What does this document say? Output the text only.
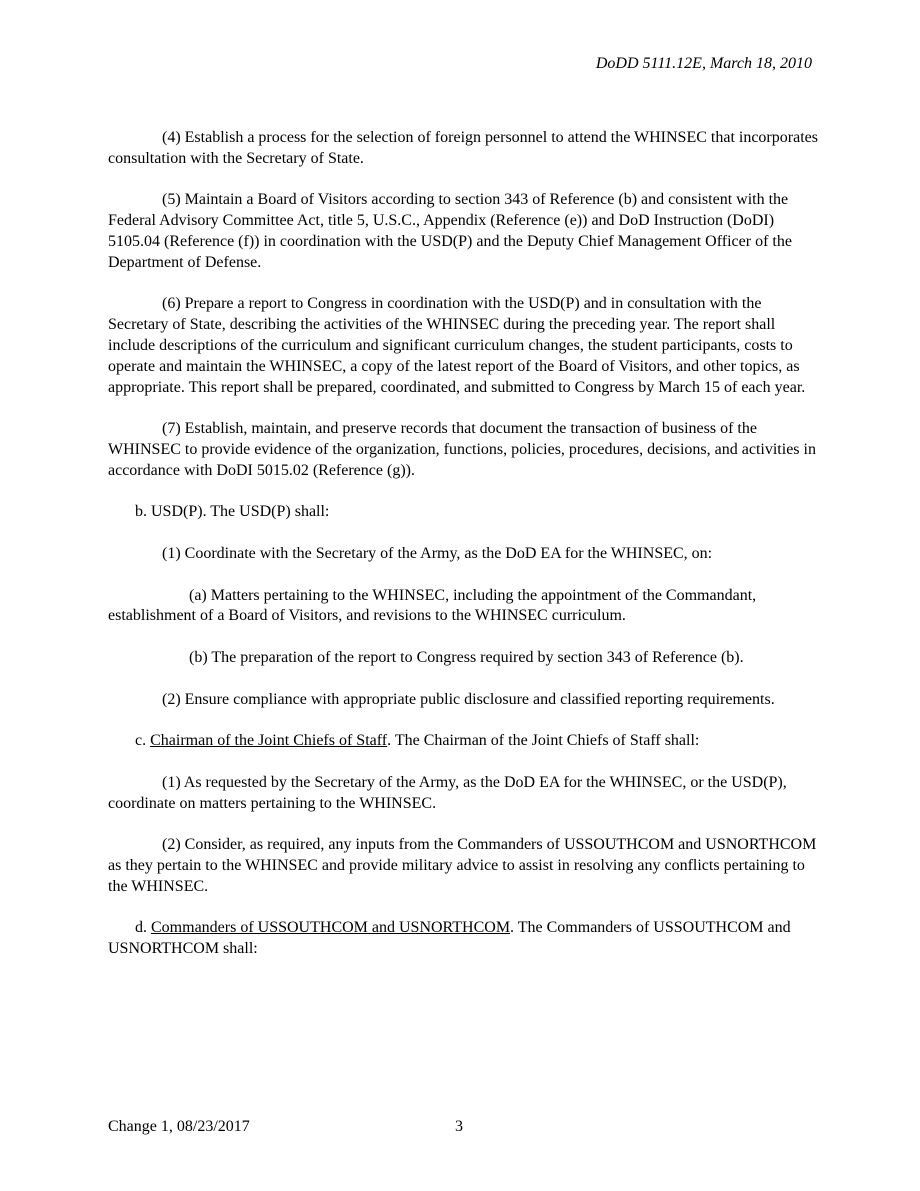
DoDD 5111.12E, March 18, 2010

(4) Establish a process for the selection of foreign personnel to attend the WHINSEC that incorporates consultation with the Secretary of State.

(5) Maintain a Board of Visitors according to section 343 of Reference (b) and consistent with the Federal Advisory Committee Act, title 5, U.S.C., Appendix (Reference (e)) and DoD Instruction (DoDI) 5105.04 (Reference (f)) in coordination with the USD(P) and the Deputy Chief Management Officer of the Department of Defense.

(6) Prepare a report to Congress in coordination with the USD(P) and in consultation with the Secretary of State, describing the activities of the WHINSEC during the preceding year. The report shall include descriptions of the curriculum and significant curriculum changes, the student participants, costs to operate and maintain the WHINSEC, a copy of the latest report of the Board of Visitors, and other topics, as appropriate. This report shall be prepared, coordinated, and submitted to Congress by March 15 of each year.

(7) Establish, maintain, and preserve records that document the transaction of business of the WHINSEC to provide evidence of the organization, functions, policies, procedures, decisions, and activities in accordance with DoDI 5015.02 (Reference (g)).

b. USD(P). The USD(P) shall:

(1) Coordinate with the Secretary of the Army, as the DoD EA for the WHINSEC, on:

(a) Matters pertaining to the WHINSEC, including the appointment of the Commandant, establishment of a Board of Visitors, and revisions to the WHINSEC curriculum.

(b) The preparation of the report to Congress required by section 343 of Reference (b).

(2) Ensure compliance with appropriate public disclosure and classified reporting requirements.

c. Chairman of the Joint Chiefs of Staff. The Chairman of the Joint Chiefs of Staff shall:

(1) As requested by the Secretary of the Army, as the DoD EA for the WHINSEC, or the USD(P), coordinate on matters pertaining to the WHINSEC.

(2) Consider, as required, any inputs from the Commanders of USSOUTHCOM and USNORTHCOM as they pertain to the WHINSEC and provide military advice to assist in resolving any conflicts pertaining to the WHINSEC.

d. Commanders of USSOUTHCOM and USNORTHCOM. The Commanders of USSOUTHCOM and USNORTHCOM shall:

Change 1, 08/23/2017	3
